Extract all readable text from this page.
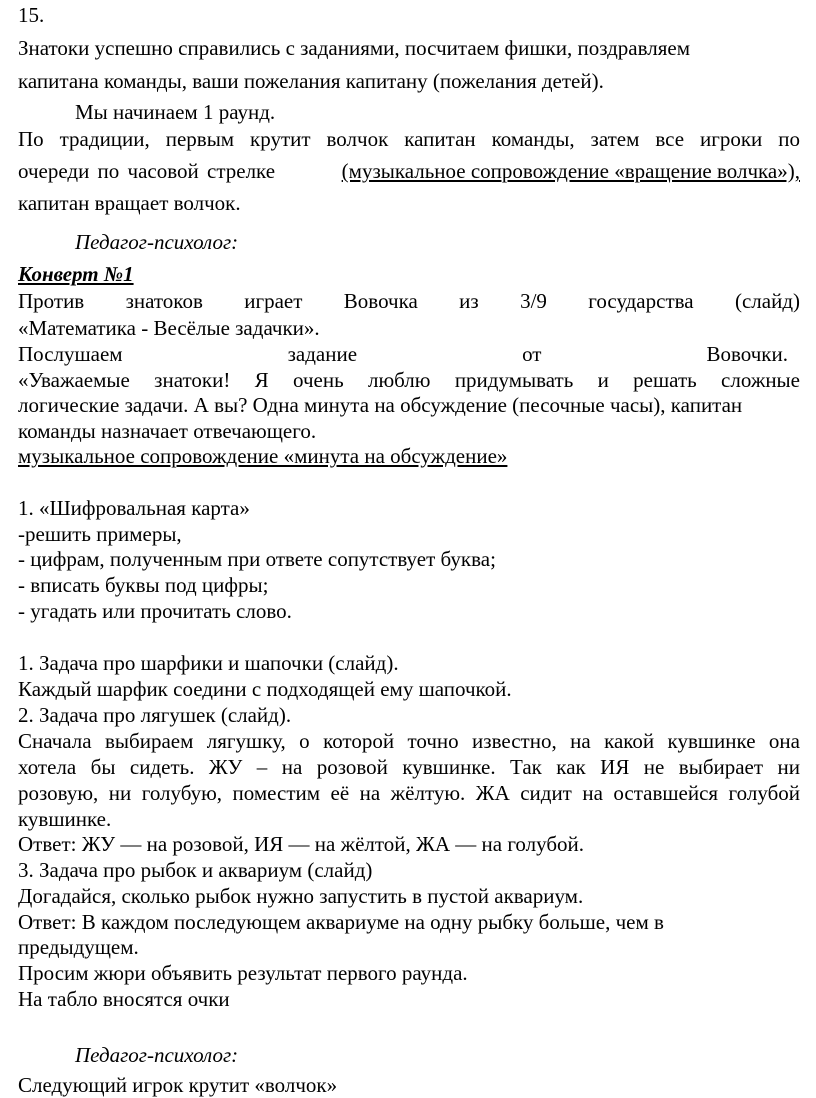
15.

Знатоки успешно справились с заданиями, посчитаем фишки, поздравляем

капитана команды, ваши пожелания капитану (пожелания детей).

Мы начинаем 1 раунд.

По традиции, первым крутит волчок капитан команды, затем все игроки по

очереди по часовой стрелке	(музыкальное сопровождение «вращение волчка»),

капитан вращает волчок.

Педагог-психолог:

Конверт №1

Против знатоков играет Вовочка из 3/9 государства (слайд)

«Математика - Весёлые задачки».

Послушаем задание от Вовочки.

«Уважаемые знатоки! Я очень люблю придумывать и решать сложные

логические задачи. А вы? Одна минута на обсуждение (песочные часы), капитан

команды назначает отвечающего.

музыкальное сопровождение «минута на обсуждение»

1. «Шифровальная карта»

-решить примеры,

- цифрам, полученным при ответе сопутствует буква;

- вписать буквы под цифры;

- угадать или прочитать слово.

1. Задача про шарфики и шапочки (слайд).

Каждый шарфик соедини с подходящей ему шапочкой.

2. Задача про лягушек (слайд).

Сначала выбираем лягушку, о которой точно известно, на какой кувшинке она

хотела бы сидеть. ЖУ – на розовой кувшинке. Так как ИЯ не выбирает ни

розовую, ни голубую, поместим её на жёлтую. ЖА сидит на оставшейся голубой

кувшинке.

Ответ: ЖУ — на розовой, ИЯ — на жёлтой, ЖА — на голубой.

3. Задача про рыбок и аквариум (слайд)

Догадайся, сколько рыбок нужно запустить в пустой аквариум.

Ответ: В каждом последующем аквариуме на одну рыбку больше, чем в

предыдущем.

Просим жюри объявить результат первого раунда.

На табло вносятся очки

Педагог-психолог:

Следующий игрок крутит «волчок»
